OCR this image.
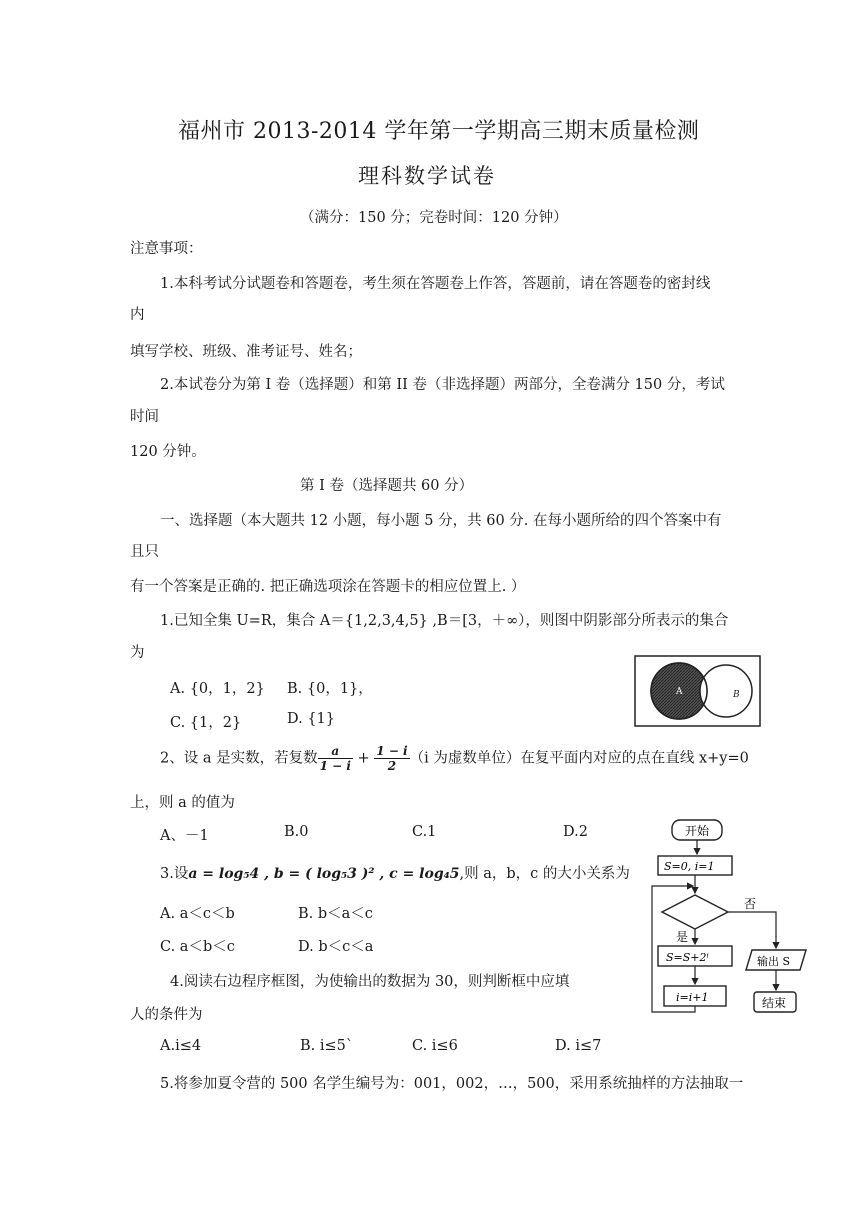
福州市 2013-2014 学年第一学期高三期末质量检测
理科数学试卷
（满分：150 分；完卷时间：120 分钟）
注意事项：
1.本科考试分试题卷和答题卷，考生须在答题卷上作答，答题前，请在答题卷的密封线
内
填写学校、班级、准考证号、姓名；
2.本试卷分为第 I 卷（选择题）和第 II 卷（非选择题）两部分，全卷满分 150 分，考试
时间
120 分钟。
第 I 卷（选择题共 60 分）
一、选择题（本大题共 12 小题，每小题 5 分，共 60 分. 在每小题所给的四个答案中有
且只
有一个答案是正确的. 把正确选项涂在答题卡的相应位置上. ）
1.已知全集 U=R，集合 A＝{1,2,3,4,5} ,B＝[3，＋∞），则图中阴影部分所表示的集合
为
A. {0，1，2} B. {0，1}，
C. {1，2}	D. {1}
A	B
2、设 a 是实数，若复数 $\frac{a}{1 - i} + \frac{1 - i}{2} (i$ 为虚数单位）在复平面内对应的点在直线 x+y=0
上，则 a 的值为
A、－1	B.0	C.1	D.2
3.设a = log₅4 , b = ( log₅3 )² , c = log₄5,则 a，b，c 的大小关系为
A. a＜c＜b	B. b＜a＜c
C. a＜b＜c	D. b＜c＜a
4.阅读右边程序框图，为使输出的数据为 30，则判断框中应填
人的条件为
A.i≤4	B. i≤5`	C. i≤6	D. i≤7
5.将参加夏令营的 500 名学生编号为：001，002，…，500，采用系统抽样的方法抽取一
开始
S=0, i=1
否
是
S=S+2ⁱ
i=i+1
输出 S
结束
